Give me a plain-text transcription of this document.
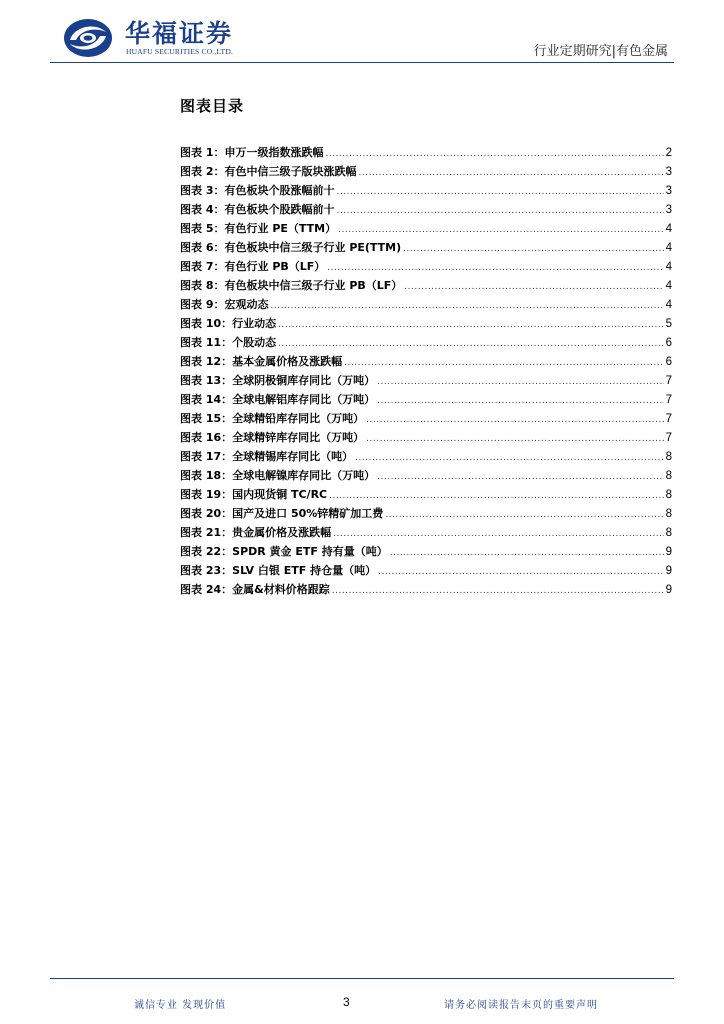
华福证券
HUAFU SECURITIES CO.,LTD.	行业定期研究|有色金属
图表目录
图表 1： 申万一级指数涨跌幅 .....	2
图表 2： 有色中信三级子版块涨跌幅 .....	3
图表 3： 有色板块个股涨幅前十 .....	3
图表 4： 有色板块个股跌幅前十 .....	3
图表 5： 有色行业 PE（TTM） .....	4
图表 6： 有色板块中信三级子行业 PE(TTM) .....	4
图表 7： 有色行业 PB（LF） .....	4
图表 8： 有色板块中信三级子行业 PB（LF） .....	4
图表 9： 宏观动态 .....	4
图表 10： 行业动态 .....	5
图表 11： 个股动态 .....	6
图表 12： 基本金属价格及涨跌幅 .....	6
图表 13： 全球阴极铜库存同比（万吨） .....	7
图表 14： 全球电解铝库存同比（万吨） .....	7
图表 15： 全球精铅库存同比（万吨） .....	7
图表 16： 全球精锌库存同比（万吨） .....	7
图表 17： 全球精锡库存同比（吨） .....	8
图表 18： 全球电解镍库存同比（万吨） .....	8
图表 19： 国内现货铜 TC/RC .....	8
图表 20： 国产及进口 50%锌精矿加工费 .....	8
图表 21： 贵金属价格及涨跌幅 .....	8
图表 22： SPDR 黄金 ETF 持有量（吨） .....	9
图表 23： SLV 白银 ETF 持仓量（吨） .....	9
图表 24： 金属&材料价格跟踪 .....	9
诚信专业 发现价值	3	请务必阅读报告末页的重要声明
